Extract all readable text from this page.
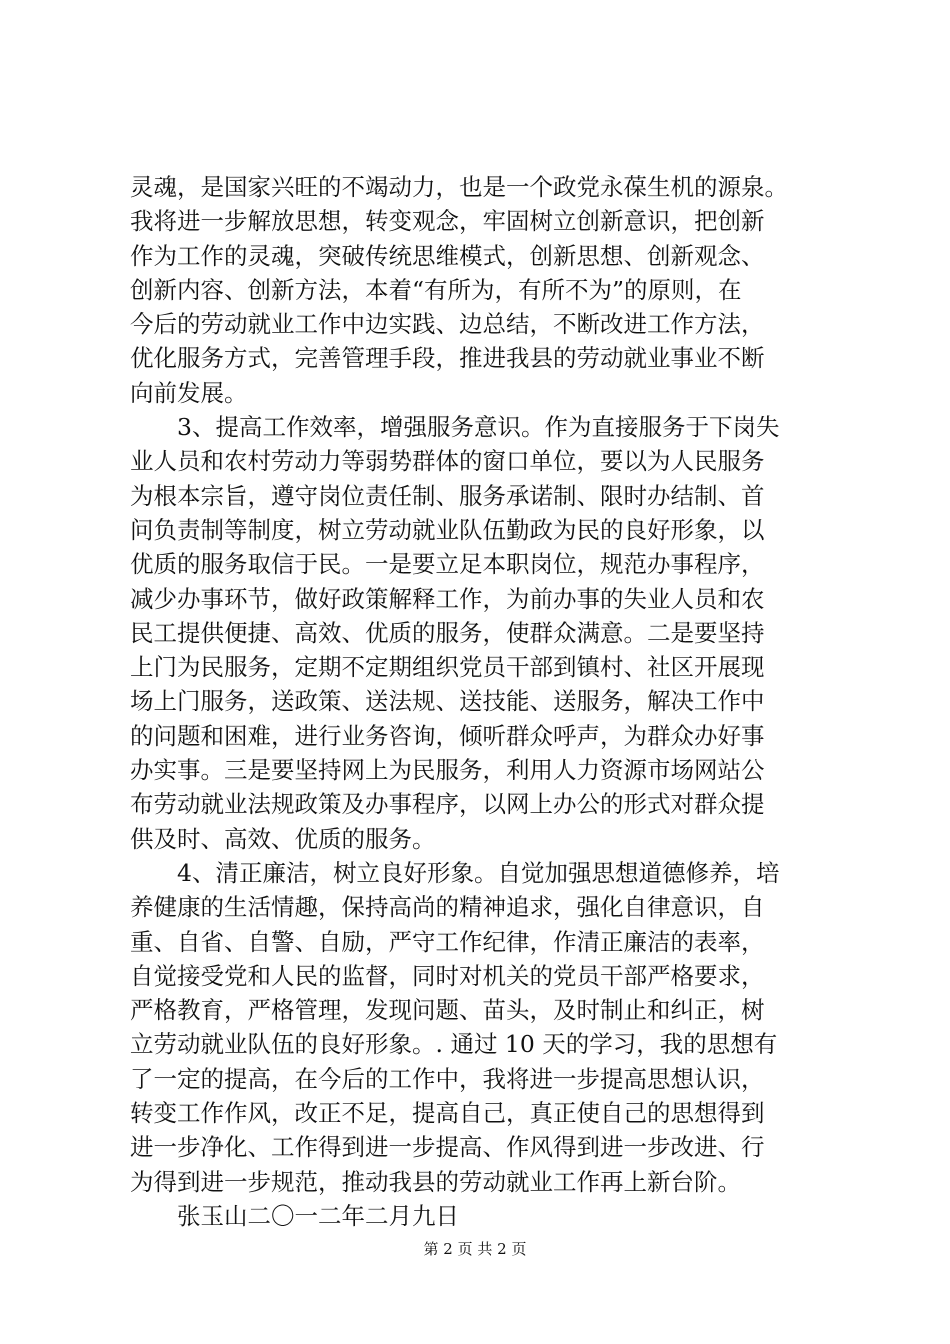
灵魂，是国家兴旺的不竭动力，也是一个政党永葆生机的源泉。
我将进一步解放思想，转变观念，牢固树立创新意识，把创新
作为工作的灵魂，突破传统思维模式，创新思想、创新观念、
创新内容、创新方法，本着“有所为，有所不为”的原则，在
今后的劳动就业工作中边实践、边总结，不断改进工作方法，
优化服务方式，完善管理手段，推进我县的劳动就业事业不断
向前发展。
3、提高工作效率，增强服务意识。作为直接服务于下岗失
业人员和农村劳动力等弱势群体的窗口单位，要以为人民服务
为根本宗旨，遵守岗位责任制、服务承诺制、限时办结制、首
问负责制等制度，树立劳动就业队伍勤政为民的良好形象，以
优质的服务取信于民。一是要立足本职岗位，规范办事程序，
减少办事环节，做好政策解释工作，为前办事的失业人员和农
民工提供便捷、高效、优质的服务，使群众满意。二是要坚持
上门为民服务，定期不定期组织党员干部到镇村、社区开展现
场上门服务，送政策、送法规、送技能、送服务，解决工作中
的问题和困难，进行业务咨询，倾听群众呼声，为群众办好事
办实事。三是要坚持网上为民服务，利用人力资源市场网站公
布劳动就业法规政策及办事程序，以网上办公的形式对群众提
供及时、高效、优质的服务。
4、清正廉洁，树立良好形象。自觉加强思想道德修养，培
养健康的生活情趣，保持高尚的精神追求，强化自律意识，自
重、自省、自警、自励，严守工作纪律，作清正廉洁的表率，
自觉接受党和人民的监督，同时对机关的党员干部严格要求，
严格教育，严格管理，发现问题、苗头，及时制止和纠正，树
立劳动就业队伍的良好形象。. 通过 10 天的学习，我的思想有
了一定的提高，在今后的工作中，我将进一步提高思想认识，
转变工作作风，改正不足，提高自己，真正使自己的思想得到
进一步净化、工作得到进一步提高、作风得到进一步改进、行
为得到进一步规范，推动我县的劳动就业工作再上新台阶。
张玉山二〇一二年二月九日
第 2 页 共 2 页
